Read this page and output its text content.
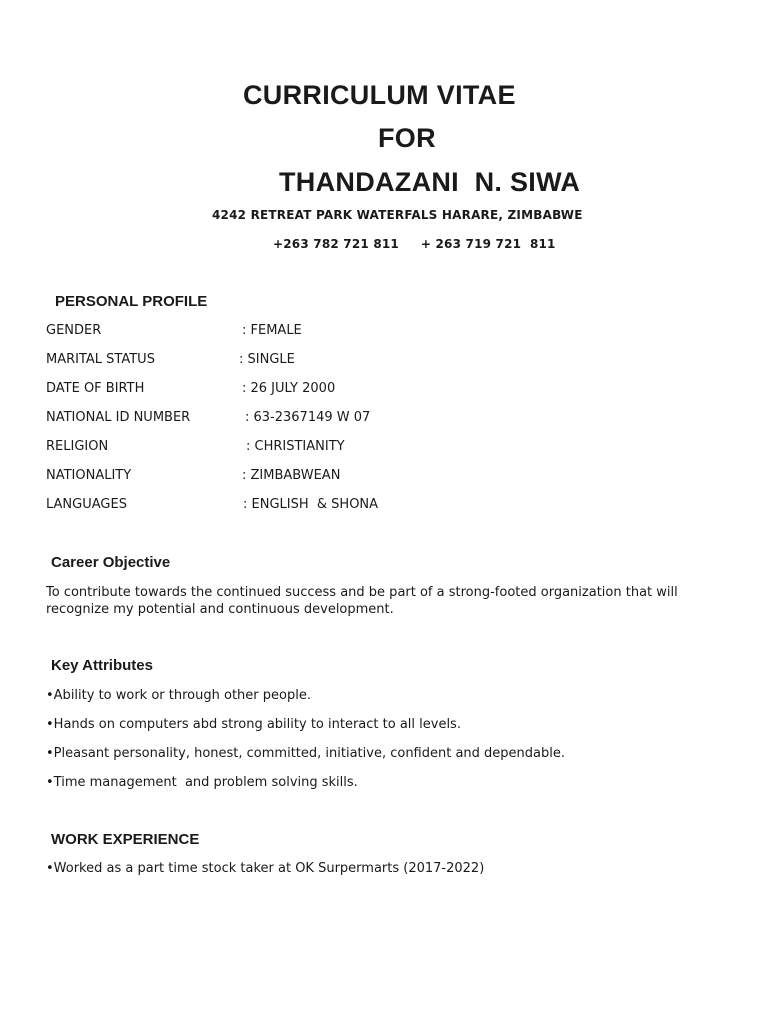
CURRICULUM VITAE
FOR
THANDAZANI  N. SIWA
4242 RETREAT PARK WATERFALS HARARE, ZIMBABWE
+263 782 721 811     + 263 719 721  811
PERSONAL PROFILE
GENDER	: FEMALE
MARITAL STATUS	: SINGLE
DATE OF BIRTH	: 26 JULY 2000
NATIONAL ID NUMBER	: 63-2367149 W 07
RELIGION	: CHRISTIANITY
NATIONALITY	: ZIMBABWEAN
LANGUAGES	: ENGLISH  & SHONA
Career Objective
To contribute towards the continued success and be part of a strong-footed organization that will recognize my potential and continuous development.
Key Attributes
•Ability to work or through other people.
•Hands on computers abd strong ability to interact to all levels.
•Pleasant personality, honest, committed, initiative, confident and dependable.
•Time management  and problem solving skills.
WORK EXPERIENCE
•Worked as a part time stock taker at OK Surpermarts (2017-2022)
